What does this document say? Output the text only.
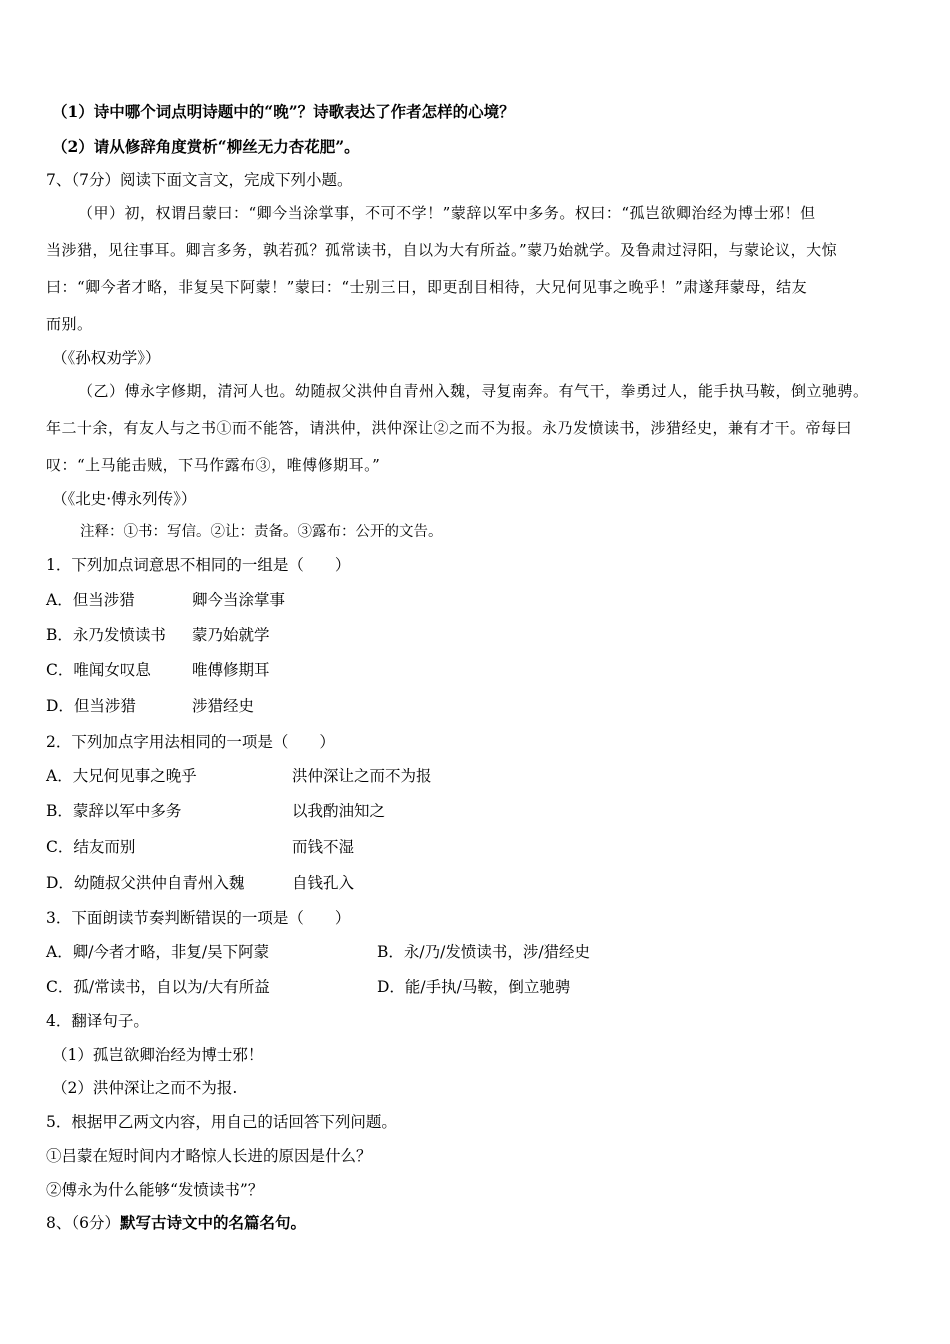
（1）诗中哪个词点明诗题中的“晚”？诗歌表达了作者怎样的心境？
（2）请从修辞角度赏析“柳丝无力杏花肥”。
7、（7分）阅读下面文言文，完成下列小题。
（甲）初，权谓吕蒙曰：“卿今当涂掌事，不可不学！”蒙辞以军中多务。权曰：“孤岂欲卿治经为博士邪！但
当涉猎，见往事耳。卿言多务，孰若孤？孤常读书，自以为大有所益。”蒙乃始就学。及鲁肃过浔阳，与蒙论议，大惊
曰：“卿今者才略，非复吴下阿蒙！”蒙曰：“士别三日，即更刮目相待，大兄何见事之晚乎！”肃遂拜蒙母，结友
而别。
（《孙权劝学》）
（乙）傅永字修期，清河人也。幼随叔父洪仲自青州入魏，寻复南奔。有气干，拳勇过人，能手执马鞍，倒立驰骋。
年二十余，有友人与之书①而不能答，请洪仲，洪仲深让②之而不为报。永乃发愤读书，涉猎经史，兼有才干。帝每曰
叹：“上马能击贼，下马作露布③，唯傅修期耳。”
（《北史·傅永列传》）
注释：①书：写信。②让：责备。③露布：公开的文告。
1．下列加点词意思不相同的一组是（　　）
A．但当涉猎	卿今当涂掌事
B．永乃发愤读书 蒙乃始就学
C．唯闻女叹息	唯傅修期耳
D．但当涉猎	涉猎经史
2．下列加点字用法相同的一项是（　　）
A．大兄何见事之晚乎	洪仲深让之而不为报
B．蒙辞以军中多务	以我酌油知之
C．结友而别	而钱不湿
D．幼随叔父洪仲自青州入魏	自钱孔入
3．下面朗读节奏判断错误的一项是（　　）
A．卿/今者才略，非复/吴下阿蒙	B．永/乃/发愤读书，涉/猎经史
C．孤/常读书，自以为/大有所益	D．能/手执/马鞍，倒立驰骋
4．翻译句子。
（1）孤岂欲卿治经为博士邪！
（2）洪仲深让之而不为报.
5．根据甲乙两文内容，用自己的话回答下列问题。
①吕蒙在短时间内才略惊人长进的原因是什么？
②傅永为什么能够“发愤读书”？
8、（6分）默写古诗文中的名篇名句。
